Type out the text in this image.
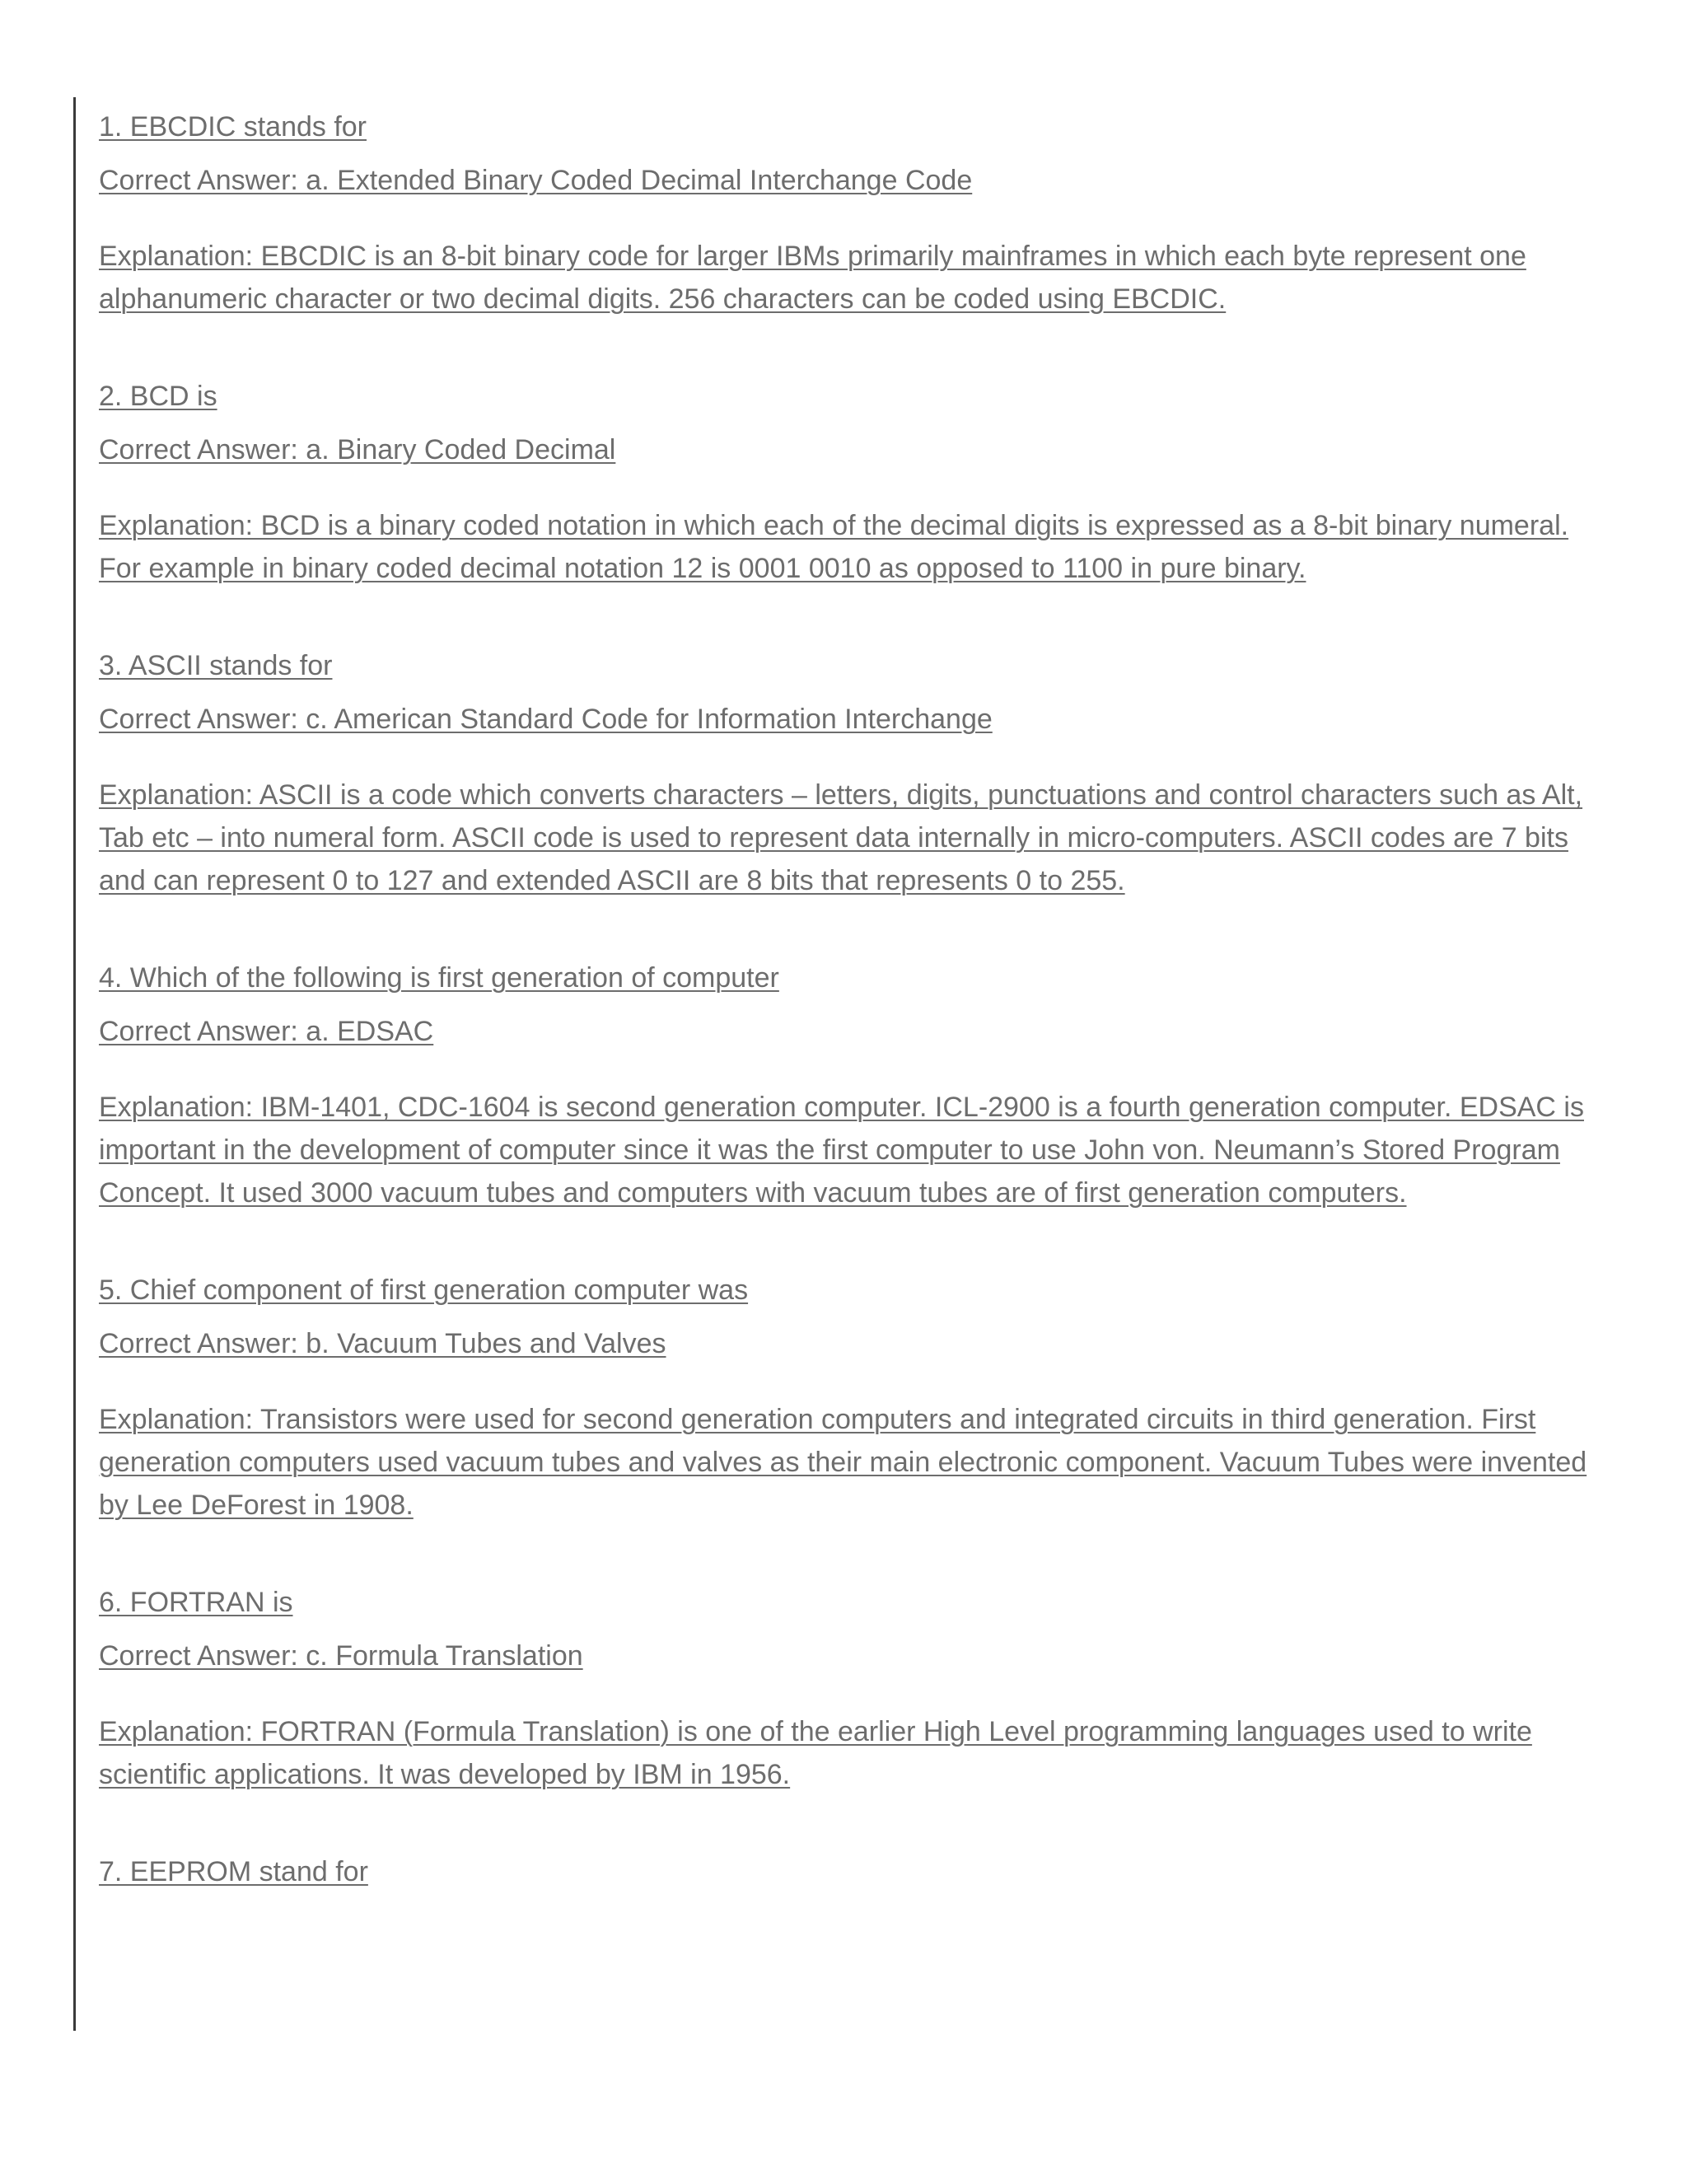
1. EBCDIC stands for

Correct Answer: a. Extended Binary Coded Decimal Interchange Code

Explanation: EBCDIC is an 8-bit binary code for larger IBMs primarily mainframes in which each byte represent one alphanumeric character or two decimal digits. 256 characters can be coded using EBCDIC.

2. BCD is

Correct Answer: a. Binary Coded Decimal

Explanation: BCD is a binary coded notation in which each of the decimal digits is expressed as a 8-bit binary numeral. For example in binary coded decimal notation 12 is 0001 0010 as opposed to 1100 in pure binary.

3. ASCII stands for

Correct Answer: c. American Standard Code for Information Interchange

Explanation: ASCII is a code which converts characters – letters, digits, punctuations and control characters such as Alt, Tab etc – into numeral form. ASCII code is used to represent data internally in micro-computers. ASCII codes are 7 bits and can represent 0 to 127 and extended ASCII are 8 bits that represents 0 to 255.

4. Which of the following is first generation of computer

Correct Answer: a. EDSAC

Explanation: IBM-1401, CDC-1604 is second generation computer. ICL-2900 is a fourth generation computer. EDSAC is important in the development of computer since it was the first computer to use John von. Neumann’s Stored Program Concept. It used 3000 vacuum tubes and computers with vacuum tubes are of first generation computers.

5. Chief component of first generation computer was

Correct Answer: b. Vacuum Tubes and Valves

Explanation: Transistors were used for second generation computers and integrated circuits in third generation. First generation computers used vacuum tubes and valves as their main electronic component. Vacuum Tubes were invented by Lee DeForest in 1908.

6. FORTRAN is

Correct Answer: c. Formula Translation

Explanation: FORTRAN (Formula Translation) is one of the earlier High Level programming languages used to write scientific applications. It was developed by IBM in 1956.

7. EEPROM stand for
